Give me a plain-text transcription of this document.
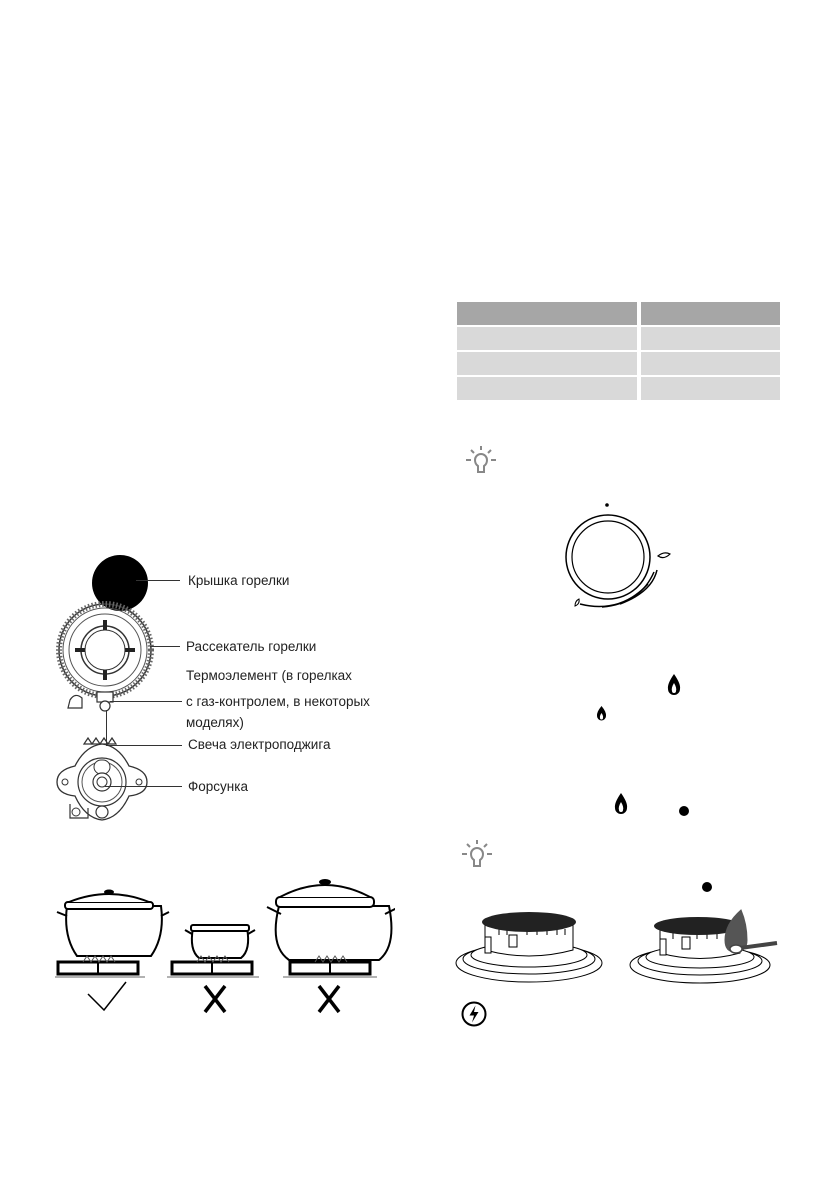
Крышка горелки
Рассекатель горелки
Термоэлемент (в горелках
с газ-контролем, в некоторых
моделях)
Свеча электроподжига
Форсунка
